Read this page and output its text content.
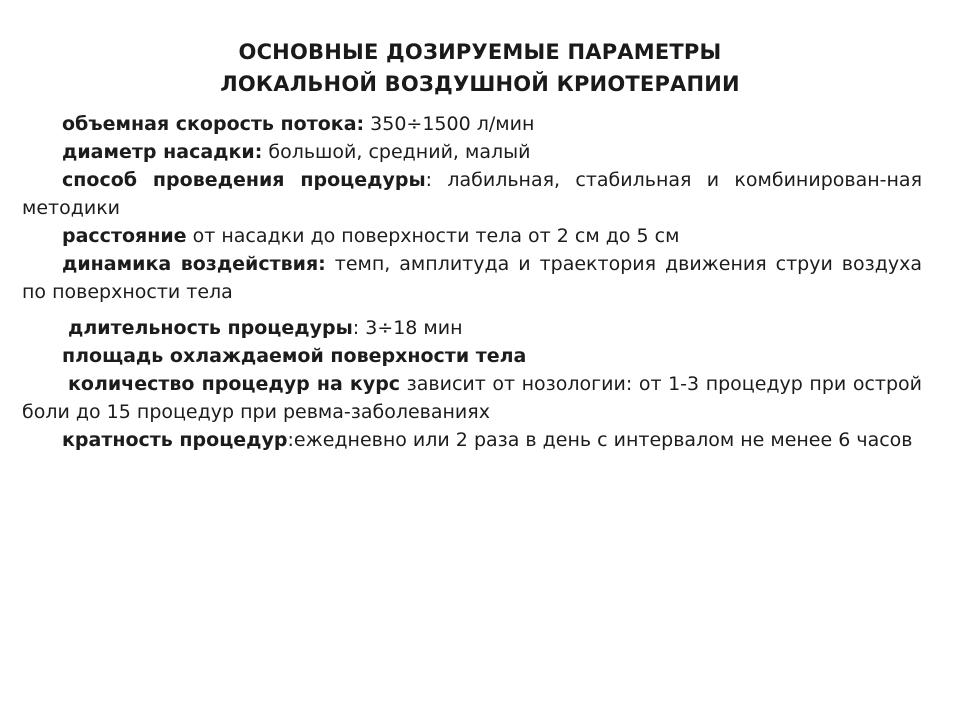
ОСНОВНЫЕ ДОЗИРУЕМЫЕ ПАРАМЕТРЫ
ЛОКАЛЬНОЙ ВОЗДУШНОЙ КРИОТЕРАПИИ

объемная скорость потока: 350÷1500 л/мин

диаметр насадки: большой, средний, малый

способ проведения процедуры: лабильная, стабильная и комбинирован-ная методики

расстояние от насадки до поверхности тела от 2 см до 5 см

динамика воздействия: темп, амплитуда и траектория движения струи воздуха по поверхности тела

длительность процедуры: 3÷18 мин

площадь охлаждаемой поверхности тела

количество процедур на курс зависит от нозологии: от 1-3 процедур при острой боли до 15 процедур при ревма-заболеваниях

кратность процедур:ежедневно или 2 раза в день с интервалом не менее 6 часов
